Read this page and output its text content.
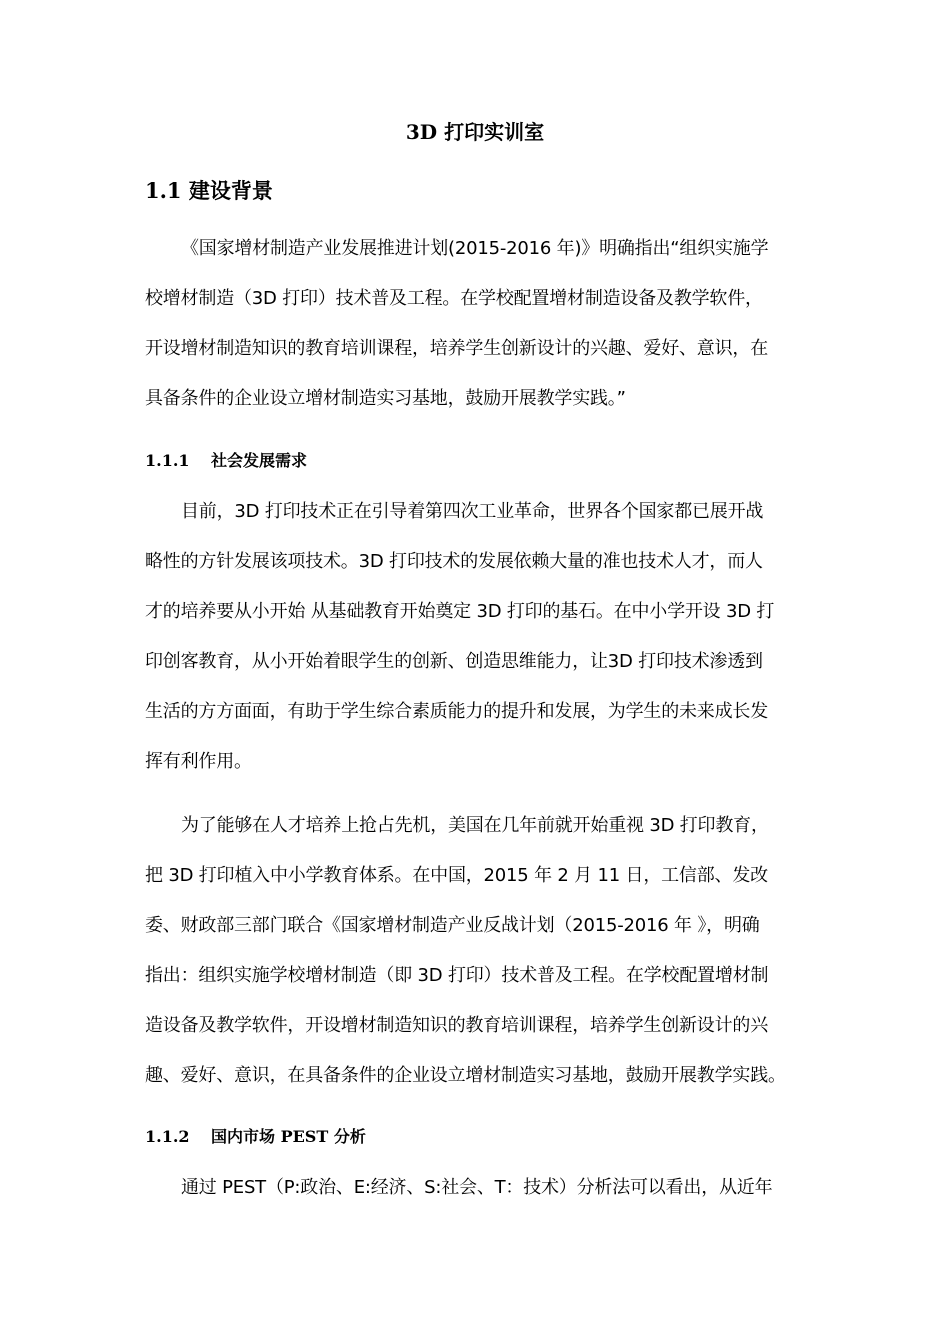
3D 打印实训室
1.1 建设背景

《国家增材制造产业发展推进计划(2015-2016 年)》明确指出“组织实施学
校增材制造（3D 打印）技术普及工程。在学校配置增材制造设备及教学软件，
开设增材制造知识的教育培训课程，培养学生创新设计的兴趣、爱好、意识，在
具备条件的企业设立增材制造实习基地，鼓励开展教学实践。”

1.1.1 社会发展需求

目前，3D 打印技术正在引导着第四次工业革命，世界各个国家都已展开战
略性的方针发展该项技术。3D 打印技术的发展依赖大量的准也技术人才，而人
才的培养要从小开始 从基础教育开始奠定 3D 打印的基石。在中小学开设 3D 打
印创客教育，从小开始着眼学生的创新、创造思维能力，让3D 打印技术渗透到
生活的方方面面，有助于学生综合素质能力的提升和发展，为学生的未来成长发
挥有利作用。

为了能够在人才培养上抢占先机，美国在几年前就开始重视 3D 打印教育，
把 3D 打印植入中小学教育体系。在中国，2015 年 2 月 11 日，工信部、发改
委、财政部三部门联合《国家增材制造产业反战计划（2015-2016 年 》，明确
指出：组织实施学校增材制造（即 3D 打印）技术普及工程。在学校配置增材制
造设备及教学软件，开设增材制造知识的教育培训课程，培养学生创新设计的兴
趣、爱好、意识，在具备条件的企业设立增材制造实习基地，鼓励开展教学实践。

1.1.2 国内市场 PEST 分析

通过 PEST（P:政治、E:经济、S:社会、T：技术）分析法可以看出，从近年
